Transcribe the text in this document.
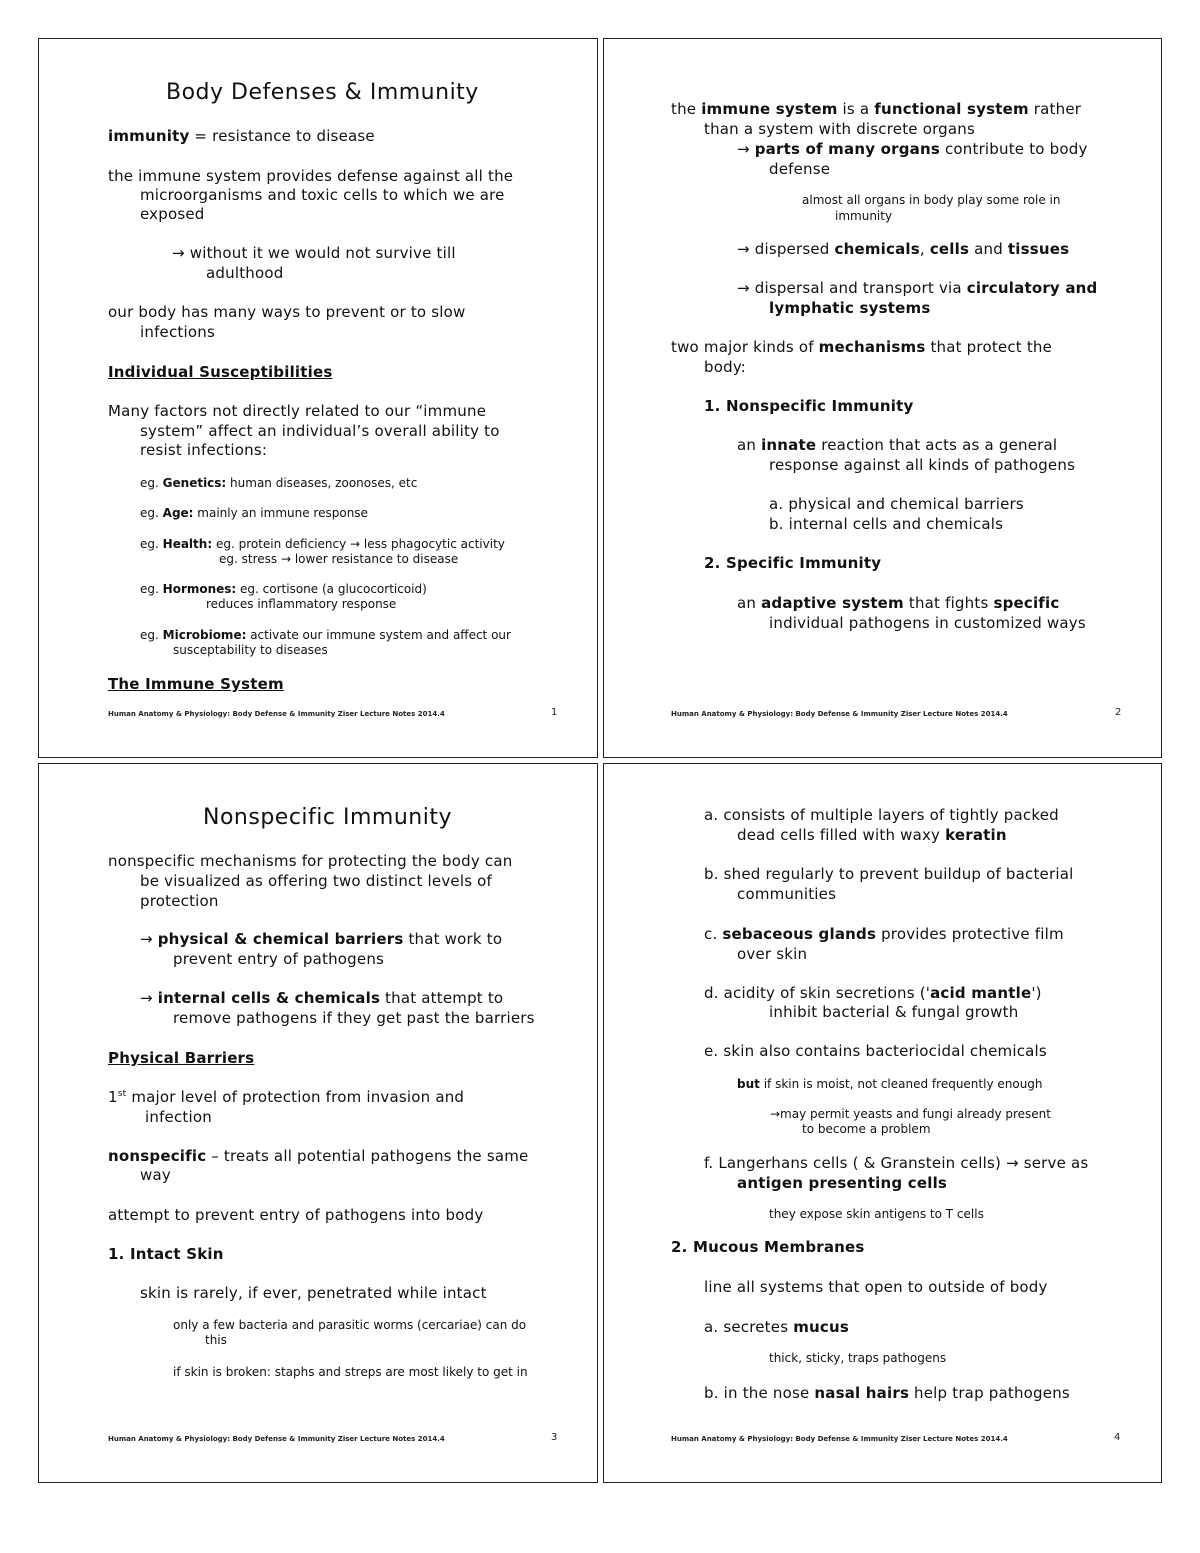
Body Defenses & Immunity
immunity = resistance to disease
the immune system provides defense against all the
microorganisms and toxic cells to which we are
exposed
→ without it we would not survive till
adulthood
our body has many ways to prevent or to slow
infections
Individual Susceptibilities
Many factors not directly related to our “immune
system” affect an individual’s overall ability to
resist infections:
eg. Genetics: human diseases, zoonoses, etc
eg. Age: mainly an immune response
eg. Health: eg. protein deficiency → less phagocytic activity
eg. stress → lower resistance to disease
eg. Hormones: eg. cortisone (a glucocorticoid)
reduces inflammatory response
eg. Microbiome: activate our immune system and affect our
susceptability to diseases
The Immune System
Human Anatomy & Physiology: Body Defense & Immunity Ziser Lecture Notes 2014.4	1
the immune system is a functional system rather
than a system with discrete organs
→ parts of many organs contribute to body
defense
almost all organs in body play some role in
immunity
→ dispersed chemicals, cells and tissues
→ dispersal and transport via circulatory and
lymphatic systems
two major kinds of mechanisms that protect the
body:
1. Nonspecific Immunity
an innate reaction that acts as a general
response against all kinds of pathogens
a. physical and chemical barriers
b. internal cells and chemicals
2. Specific Immunity
an adaptive system that fights specific
individual pathogens in customized ways
Human Anatomy & Physiology: Body Defense & Immunity Ziser Lecture Notes 2014.4	2
Nonspecific Immunity
nonspecific mechanisms for protecting the body can
be visualized as offering two distinct levels of
protection
→ physical & chemical barriers that work to
prevent entry of pathogens
→ internal cells & chemicals that attempt to
remove pathogens if they get past the barriers
Physical Barriers
1st major level of protection from invasion and
infection
nonspecific – treats all potential pathogens the same
way
attempt to prevent entry of pathogens into body
1. Intact Skin
skin is rarely, if ever, penetrated while intact
only a few bacteria and parasitic worms (cercariae) can do
this
if skin is broken: staphs and streps are most likely to get in
Human Anatomy & Physiology: Body Defense & Immunity Ziser Lecture Notes 2014.4	3
a. consists of multiple layers of tightly packed
dead cells filled with waxy keratin
b. shed regularly to prevent buildup of bacterial
communities
c. sebaceous glands provides protective film
over skin
d. acidity of skin secretions ('acid mantle')
inhibit bacterial & fungal growth
e. skin also contains bacteriocidal chemicals
but if skin is moist, not cleaned frequently enough
→may permit yeasts and fungi already present
to become a problem
f. Langerhans cells ( & Granstein cells) → serve as
antigen presenting cells
they expose skin antigens to T cells
2. Mucous Membranes
line all systems that open to outside of body
a. secretes mucus
thick, sticky, traps pathogens
b. in the nose nasal hairs help trap pathogens
Human Anatomy & Physiology: Body Defense & Immunity Ziser Lecture Notes 2014.4	4
